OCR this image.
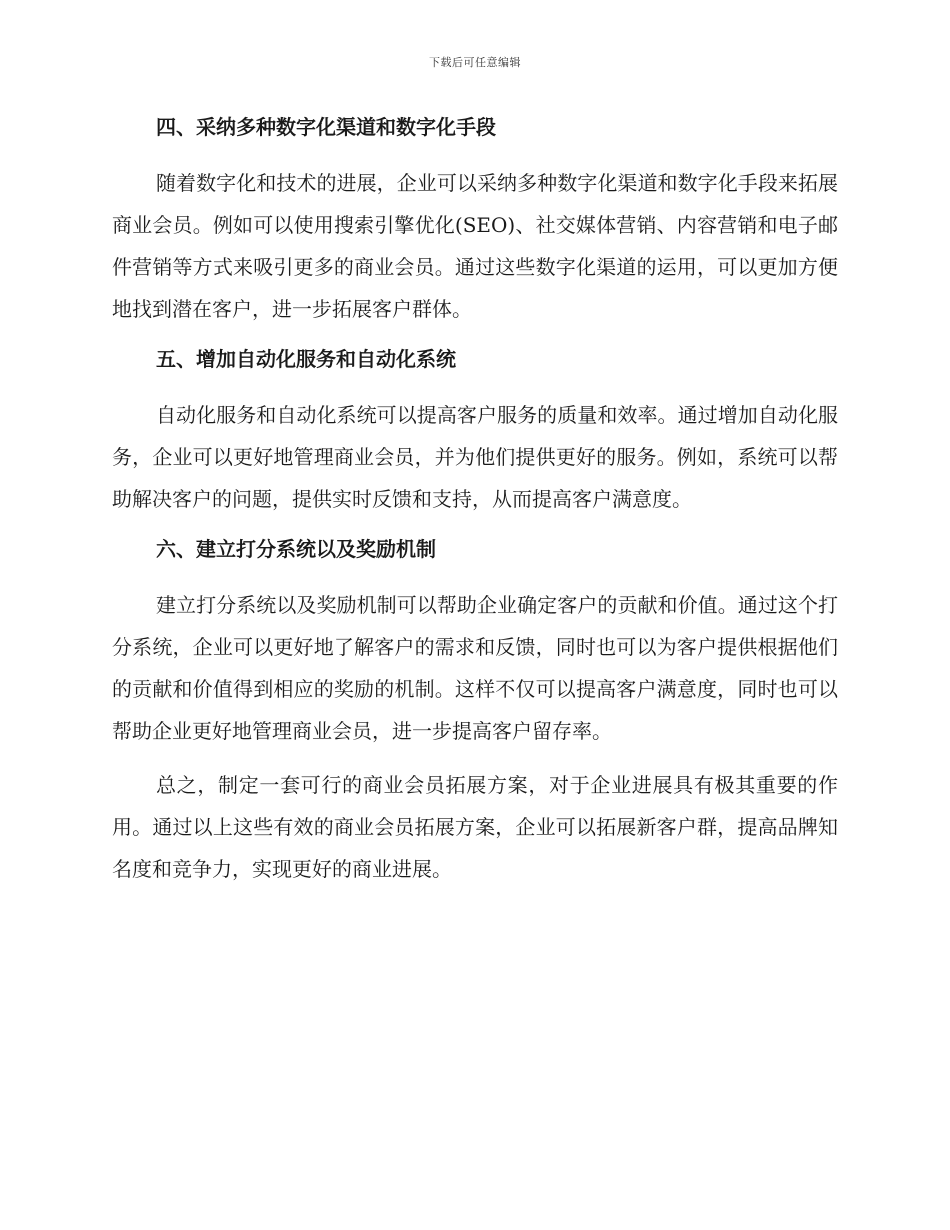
下载后可任意编辑
四、采纳多种数字化渠道和数字化手段

随着数字化和技术的进展，企业可以采纳多种数字化渠道和数字化手段来拓展商业会员。例如可以使用搜索引擎优化(SEO)、社交媒体营销、内容营销和电子邮件营销等方式来吸引更多的商业会员。通过这些数字化渠道的运用，可以更加方便地找到潜在客户，进一步拓展客户群体。

五、增加自动化服务和自动化系统

自动化服务和自动化系统可以提高客户服务的质量和效率。通过增加自动化服务，企业可以更好地管理商业会员，并为他们提供更好的服务。例如，系统可以帮助解决客户的问题，提供实时反馈和支持，从而提高客户满意度。

六、建立打分系统以及奖励机制

建立打分系统以及奖励机制可以帮助企业确定客户的贡献和价值。通过这个打分系统，企业可以更好地了解客户的需求和反馈，同时也可以为客户提供根据他们的贡献和价值得到相应的奖励的机制。这样不仅可以提高客户满意度，同时也可以帮助企业更好地管理商业会员，进一步提高客户留存率。

总之，制定一套可行的商业会员拓展方案，对于企业进展具有极其重要的作用。通过以上这些有效的商业会员拓展方案，企业可以拓展新客户群，提高品牌知名度和竞争力，实现更好的商业进展。
